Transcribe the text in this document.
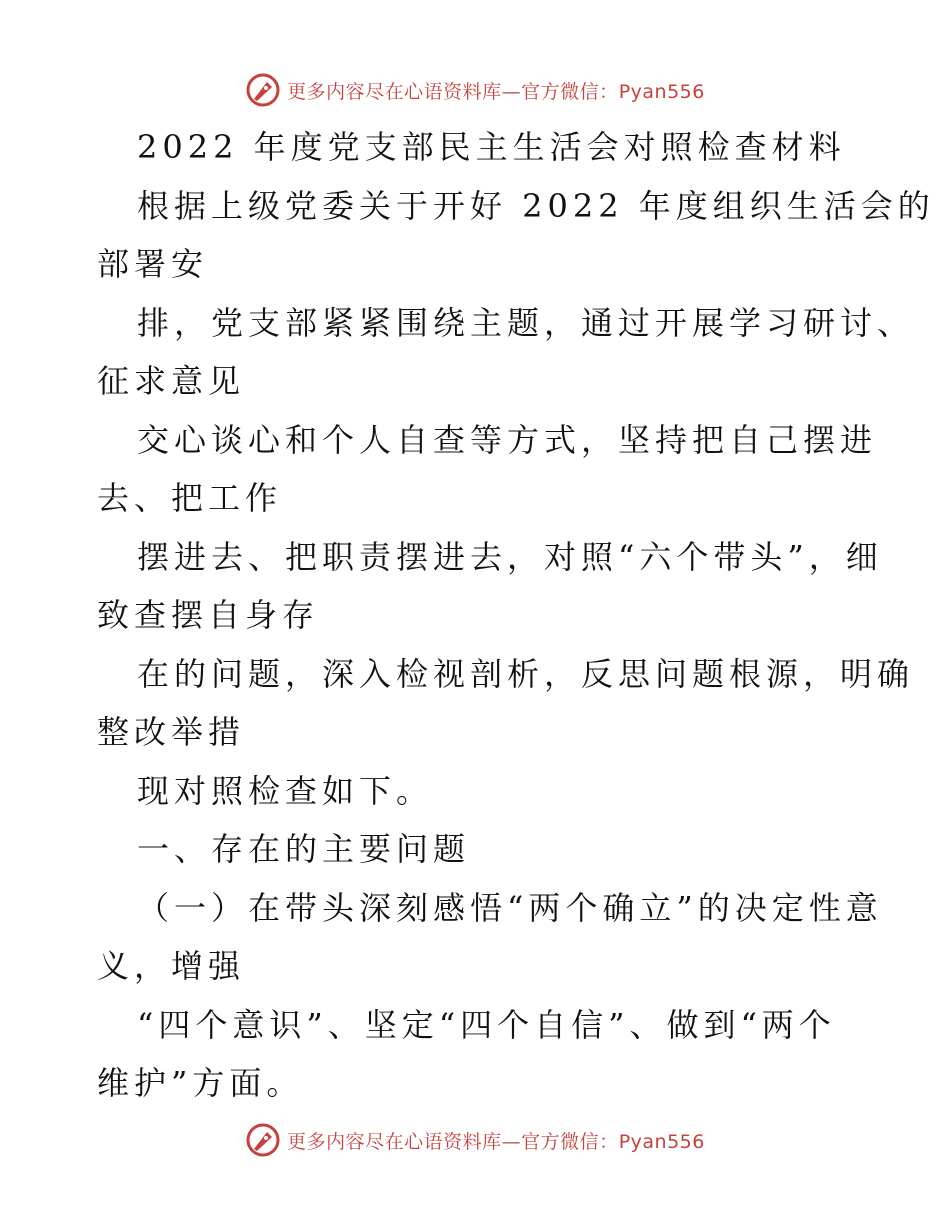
更多内容尽在心语资料库—官方微信：Pyan556
2022 年度党支部民主生活会对照检查材料
根据上级党委关于开好 2022 年度组织生活会的
部署安
排，党支部紧紧围绕主题，通过开展学习研讨、
征求意见
交心谈心和个人自查等方式，坚持把自己摆进
去、把工作
摆进去、把职责摆进去，对照“六个带头”，细
致查摆自身存
在的问题，深入检视剖析，反思问题根源，明确
整改举措
现对照检查如下。
一、存在的主要问题
（一）在带头深刻感悟“两个确立”的决定性意
义，增强
“四个意识”、坚定“四个自信”、做到“两个
维护”方面。
更多内容尽在心语资料库—官方微信：Pyan556
